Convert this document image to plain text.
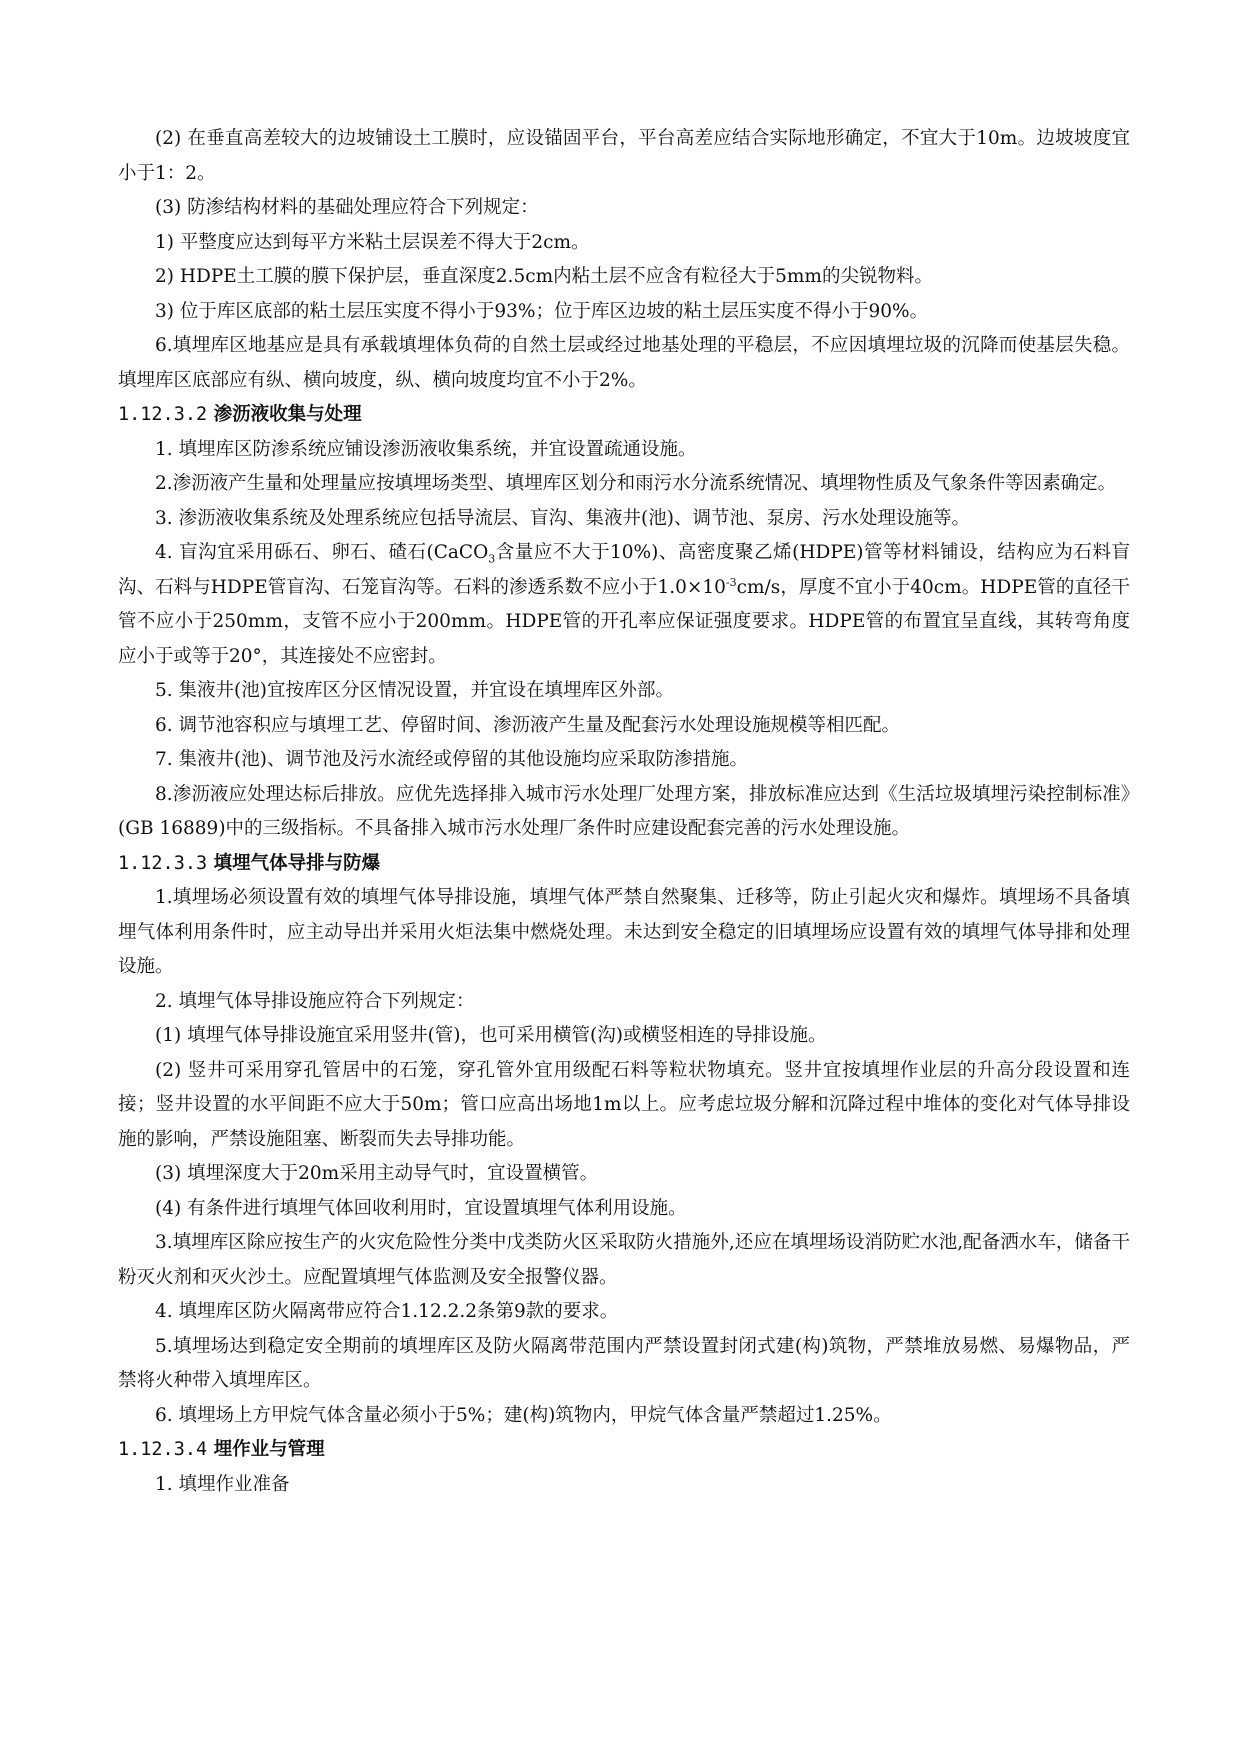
(2) 在垂直高差较大的边坡铺设土工膜时，应设锚固平台，平台高差应结合实际地形确定，不宜大于10m。边坡坡度宜小于1：2。

(3) 防渗结构材料的基础处理应符合下列规定：

1) 平整度应达到每平方米粘土层误差不得大于2cm。

2) HDPE土工膜的膜下保护层，垂直深度2.5cm内粘土层不应含有粒径大于5mm的尖锐物料。

3) 位于库区底部的粘土层压实度不得小于93%；位于库区边坡的粘土层压实度不得小于90%。

6.填埋库区地基应是具有承载填埋体负荷的自然土层或经过地基处理的平稳层，不应因填埋垃圾的沉降而使基层失稳。填埋库区底部应有纵、横向坡度，纵、横向坡度均宜不小于2%。

1.12.3.2 渗沥液收集与处理

1. 填埋库区防渗系统应铺设渗沥液收集系统，并宜设置疏通设施。

2.渗沥液产生量和处理量应按填埋场类型、填埋库区划分和雨污水分流系统情况、填埋物性质及气象条件等因素确定。

3. 渗沥液收集系统及处理系统应包括导流层、盲沟、集液井(池)、调节池、泵房、污水处理设施等。

4. 盲沟宜采用砾石、卵石、碴石(CaCO$_3$含量应不大于10%)、高密度聚乙烯(HDPE)管等材料铺设，结构应为石料盲沟、石料与HDPE管盲沟、石笼盲沟等。石料的渗透系数不应小于$1.0\times 10^{-3}cm/s$，厚度不宜小于40cm。HDPE管的直径干管不应小于250mm，支管不应小于200mm。HDPE管的开孔率应保证强度要求。HDPE管的布置宜呈直线，其转弯角度应小于或等于20°，其连接处不应密封。

5. 集液井(池)宜按库区分区情况设置，并宜设在填埋库区外部。

6. 调节池容积应与填埋工艺、停留时间、渗沥液产生量及配套污水处理设施规模等相匹配。

7. 集液井(池)、调节池及污水流经或停留的其他设施均应采取防渗措施。

8.渗沥液应处理达标后排放。应优先选择排入城市污水处理厂处理方案，排放标准应达到《生活垃圾填埋污染控制标准》(GB 16889)中的三级指标。不具备排入城市污水处理厂条件时应建设配套完善的污水处理设施。

1.12.3.3 填埋气体导排与防爆

1.填埋场必须设置有效的填埋气体导排设施，填埋气体严禁自然聚集、迁移等，防止引起火灾和爆炸。填埋场不具备填埋气体利用条件时，应主动导出并采用火炬法集中燃烧处理。未达到安全稳定的旧填埋场应设置有效的填埋气体导排和处理设施。

2. 填埋气体导排设施应符合下列规定：

(1) 填埋气体导排设施宜采用竖井(管)，也可采用横管(沟)或横竖相连的导排设施。

(2) 竖井可采用穿孔管居中的石笼，穿孔管外宜用级配石料等粒状物填充。竖井宜按填埋作业层的升高分段设置和连接；竖井设置的水平间距不应大于50m；管口应高出场地1m以上。应考虑垃圾分解和沉降过程中堆体的变化对气体导排设施的影响，严禁设施阻塞、断裂而失去导排功能。

(3) 填埋深度大于20m采用主动导气时，宜设置横管。

(4) 有条件进行填埋气体回收利用时，宜设置填埋气体利用设施。

3.填埋库区除应按生产的火灾危险性分类中戊类防火区采取防火措施外,还应在填埋场设消防贮水池,配备洒水车，储备干粉灭火剂和灭火沙土。应配置填埋气体监测及安全报警仪器。

4. 填埋库区防火隔离带应符合1.12.2.2条第9款的要求。

5.填埋场达到稳定安全期前的填埋库区及防火隔离带范围内严禁设置封闭式建(构)筑物，严禁堆放易燃、易爆物品，严禁将火种带入填埋库区。

6. 填埋场上方甲烷气体含量必须小于5%；建(构)筑物内，甲烷气体含量严禁超过1.25%。

1.12.3.4 埋作业与管理

1. 填埋作业准备
